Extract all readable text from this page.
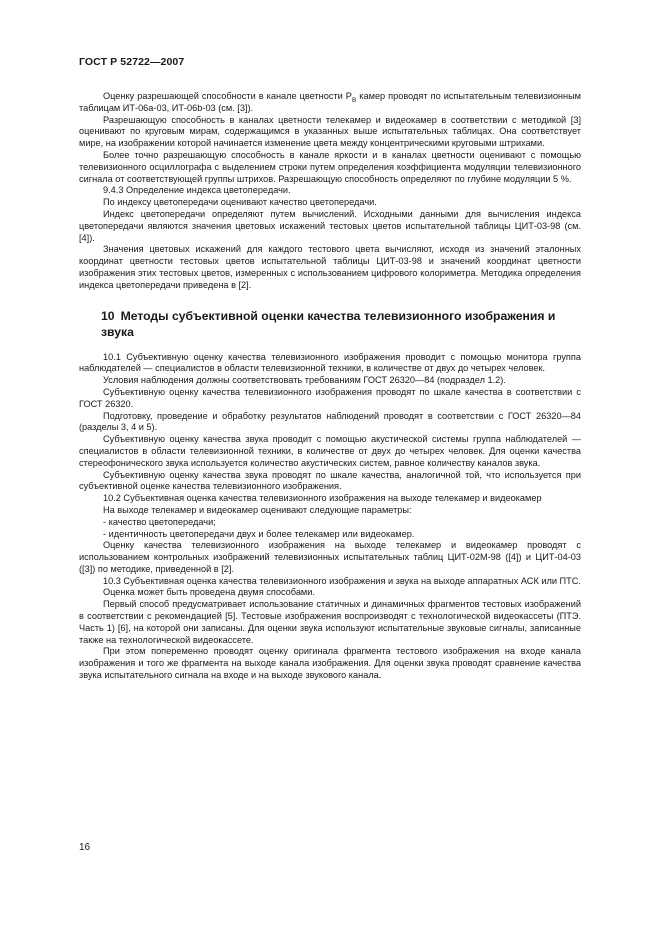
ГОСТ Р 52722—2007

Оценку разрешающей способности в канале цветности $Р_В$ камер проводят по испытательным телевизионным таблицам ИТ-06а-03, ИТ-06b-03 (см. [3]).

Разрешающую способность в каналах цветности телекамер и видеокамер в соответствии с методикой [3] оценивают по круговым мирам, содержащимся в указанных выше испытательных таблицах. Она соответствует мире, на изображении которой начинается изменение цвета между концентрическими круговыми штрихами.

Более точно разрешающую способность в канале яркости и в каналах цветности оценивают с помощью телевизионного осциллографа с выделением строки путем определения коэффициента модуляции телевизионного сигнала от соответствующей группы штрихов. Разрешающую способность определяют по глубине модуляции 5 %.

9.4.3 Определение индекса цветопередачи.

По индексу цветопередачи оценивают качество цветопередачи.

Индекс цветопередачи определяют путем вычислений. Исходными данными для вычисления индекса цветопередачи являются значения цветовых искажений тестовых цветов испытательной таблицы ЦИТ-03-98 (см. [4]).

Значения цветовых искажений для каждого тестового цвета вычисляют, исходя из значений эталонных координат цветности тестовых цветов испытательной таблицы ЦИТ-03-98 и значений координат цветности изображения этих тестовых цветов, измеренных с использованием цифрового колориметра. Методика определения индекса цветопередачи приведена в [2].

10 Методы субъективной оценки качества телевизионного изображения и звука

10.1 Субъективную оценку качества телевизионного изображения проводит с помощью монитора группа наблюдателей — специалистов в области телевизионной техники, в количестве от двух до четырех человек.

Условия наблюдения должны соответствовать требованиям ГОСТ 26320—84 (подраздел 1.2).

Субъективную оценку качества телевизионного изображения проводят по шкале качества в соответствии с ГОСТ 26320.

Подготовку, проведение и обработку результатов наблюдений проводят в соответствии с ГОСТ 26320—84 (разделы 3, 4 и 5).

Субъективную оценку качества звука проводит с помощью акустической системы группа наблюдателей — специалистов в области телевизионной техники, в количестве от двух до четырех человек. Для оценки качества стереофонического звука используется количество акустических систем, равное количеству каналов звука.

Субъективную оценку качества звука проводят по шкале качества, аналогичной той, что используется при субъективной оценке качества телевизионного изображения.

10.2 Субъективная оценка качества телевизионного изображения на выходе телекамер и видеокамер

На выходе телекамер и видеокамер оценивают следующие параметры:

- качество цветопередачи;

- идентичность цветопередачи двух и более телекамер или видеокамер.

Оценку качества телевизионного изображения на выходе телекамер и видеокамер проводят с использованием контрольных изображений телевизионных испытательных таблиц ЦИТ-02М-98 ([4]) и ЦИТ-04-03 ([3]) по методике, приведенной в [2].

10.3 Субъективная оценка качества телевизионного изображения и звука на выходе аппаратных АСК или ПТС.

Оценка может быть проведена двумя способами.

Первый способ предусматривает использование статичных и динамичных фрагментов тестовых изображений в соответствии с рекомендацией [5]. Тестовые изображения воспроизводят с технологической видеокассеты (ПТЭ. Часть 1) [6], на которой они записаны. Для оценки звука используют испытательные звуковые сигналы, записанные также на технологической видеокассете.

При этом попеременно проводят оценку оригинала фрагмента тестового изображения на входе канала изображения и того же фрагмента на выходе канала изображения. Для оценки звука проводят сравнение качества звука испытательного сигнала на входе и на выходе звукового канала.

16
